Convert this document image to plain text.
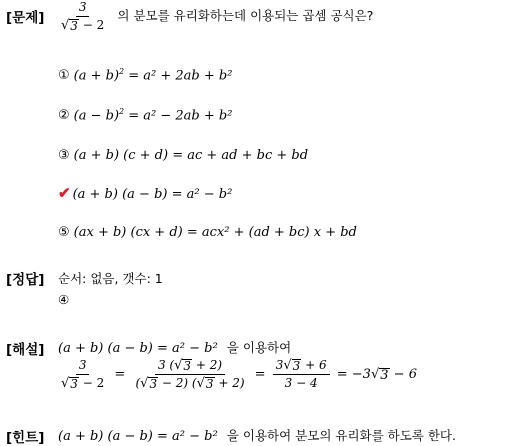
[문제] $\frac{3}{√ 3 - 2}$ 의 분모를 유리화하는데 이용되는 곱셈 공식은?
① $(a + b)^2 = a^2 + 2ab + b^2$
② $(a - b)^2 = a^2 - 2ab + b^2$
③ (a + b) (c + d) = ac + ad + bc + bd
✔ (a + b) (a − b) = a² − b²
⑤ (ax + b) (cx + d) = acx² + (ad + bc) x + bd
[정답] 순서: 없음, 갯수: 1
④
[해설] (a + b) (a − b) = a² − b² 을 이용하여
$\frac{3}{√ 3 - 2} = \frac{3 ( √ 3 + 2)}{( √ 3 - 2) ( √ 3 + 2)} = \frac{3 √ 3 + 6}{3 - 4} = -3$ √ 3 − 6
[힌트] (a + b) (a − b) = a² − b² 을 이용하여 분모의 유리화를 하도록 한다.
